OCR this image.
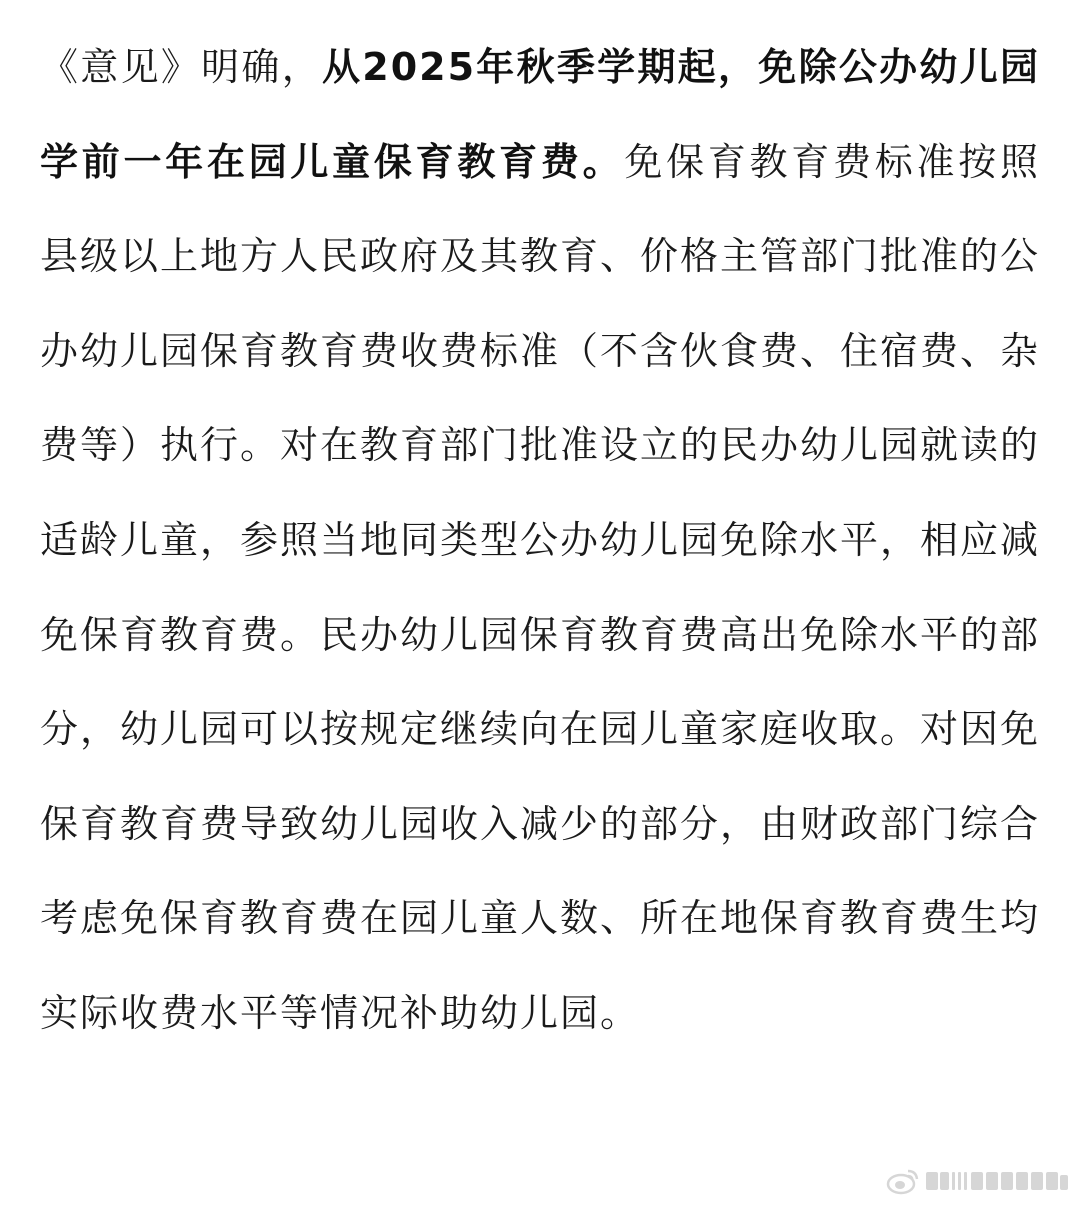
《意见》明确，从2025年秋季学期起，免除公办幼儿园学前一年在园儿童保育教育费。免保育教育费标准按照县级以上地方人民政府及其教育、价格主管部门批准的公办幼儿园保育教育费收费标准（不含伙食费、住宿费、杂费等）执行。对在教育部门批准设立的民办幼儿园就读的适龄儿童，参照当地同类型公办幼儿园免除水平，相应减免保育教育费。民办幼儿园保育教育费高出免除水平的部分，幼儿园可以按规定继续向在园儿童家庭收取。对因免保育教育费导致幼儿园收入减少的部分，由财政部门综合考虑免保育教育费在园儿童人数、所在地保育教育费生均实际收费水平等情况补助幼儿园。
